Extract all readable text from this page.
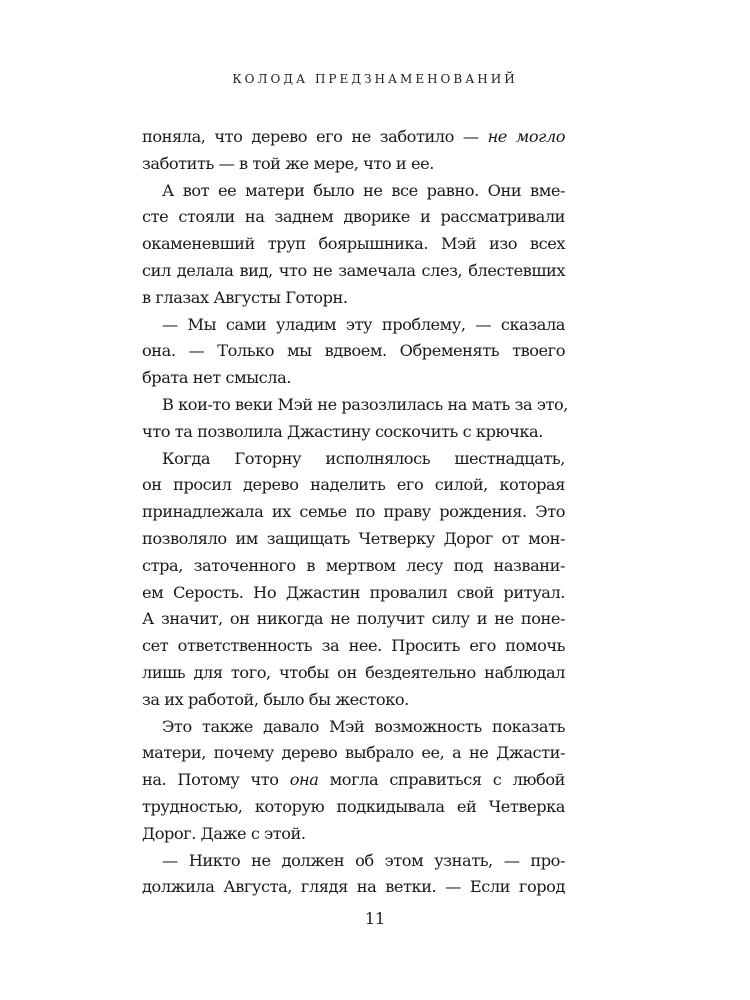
КОЛОДА ПРЕДЗНАМЕНОВАНИЙ
поняла, что дерево его не заботило — не могло
заботить — в той же мере, что и ее.
А вот ее матери было не все равно. Они вме-
сте стояли на заднем дворике и рассматривали
окаменевший труп боярышника. Мэй изо всех
сил делала вид, что не замечала слез, блестевших
в глазах Августы Готорн.
— Мы сами уладим эту проблему, — сказала
она. — Только мы вдвоем. Обременять твоего
брата нет смысла.
В кои-то веки Мэй не разозлилась на мать за это,
что та позволила Джастину соскочить с крючка.
Когда Готорну исполнялось шестнадцать,
он просил дерево наделить его силой, которая
принадлежала их семье по праву рождения. Это
позволяло им защищать Четверку Дорог от мон-
стра, заточенного в мертвом лесу под названи-
ем Серость. Но Джастин провалил свой ритуал.
А значит, он никогда не получит силу и не понe-
сет ответственность за нее. Просить его помочь
лишь для того, чтобы он бездеятельно наблюдал
за их работой, было бы жестоко.
Это также давало Мэй возможность показать
матери, почему дерево выбрало ее, а не Джасти-
на. Потому что она могла справиться с любой
трудностью, которую подкидывала ей Четверка
Дорог. Даже с этой.
— Никто не должен об этом узнать, — про-
должила Августа, глядя на ветки. — Если город
11
